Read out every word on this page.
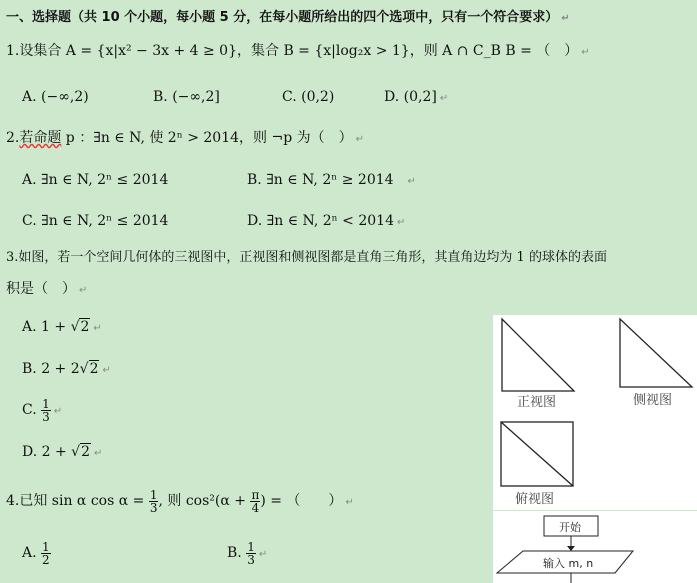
一、选择题（共 10 个小题，每小题 5 分，在每小题所给出的四个选项中，只有一个符合要求） ↵
1.设集合 A = {x|x² − 3x + 4 ≥ 0}，集合 B = {x|log₂x > 1}，则 A ∩ C_B B = （　） ↵
A. (−∞,2)	B. (−∞,2]	C. (0,2)	D. (0,2] ↵
2.若命题 p ：∃n ∈ N, 使 2ⁿ > 2014，则 ¬p 为（　） ↵
A. ∃n ∈ N, 2ⁿ ≤ 2014	B. ∃n ∈ N, 2ⁿ ≥ 2014 ↵
C. ∃n ∈ N, 2ⁿ ≤ 2014	D. ∃n ∈ N, 2ⁿ < 2014 ↵
3.如图，若一个空间几何体的三视图中，正视图和侧视图都是直角三角形，其直角边均为 1 的球体的表面
积是（　） ↵
A. 1 + √2 ↵
B. 2 + 2√2 ↵
C. $\frac{1}{3}$ ↵
D. 2 + √2 ↵
4.已知 sin α $\cos \alpha = \frac{1}{3}$ , 则 $\cos^2(\alpha + \frac{\pi}{4}$ ) = （　　） ↵
A. $\frac{1}{2}$	B. $\frac{1}{3}$ ↵
正视图	侧视图
俯视图
开始
输入 m, n
